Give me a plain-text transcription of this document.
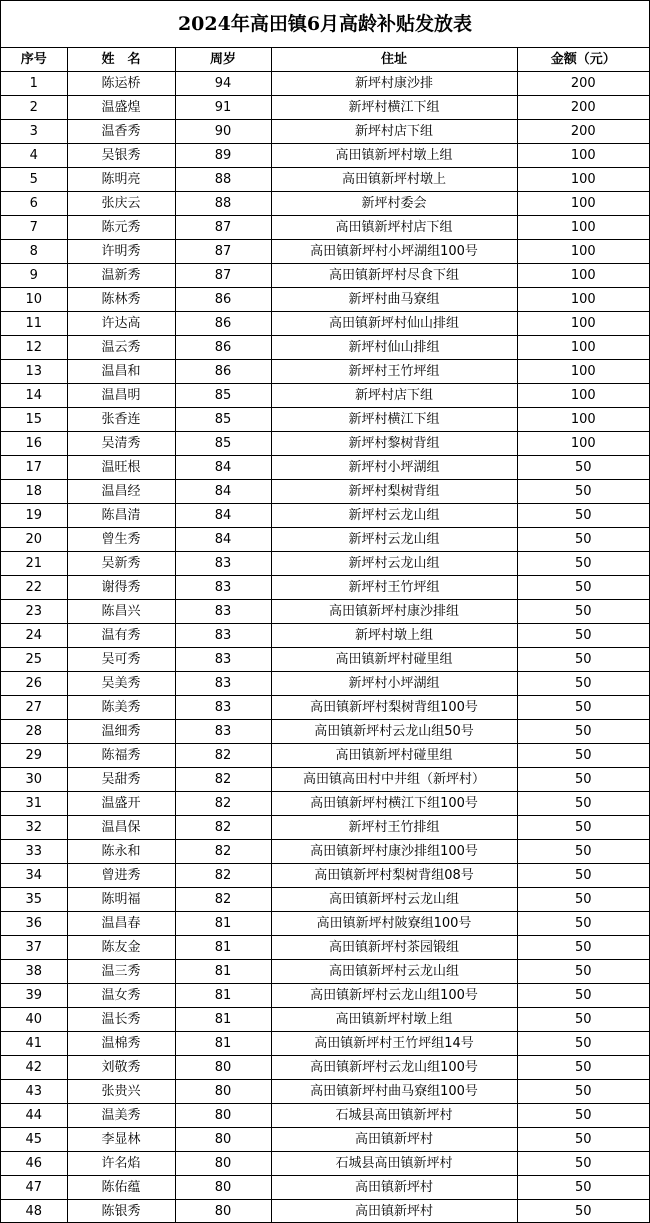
2024年高田镇6月高龄补贴发放表
序号	姓　名	周岁	住址	金额（元）
1	陈运桥	94	新坪村康沙排	200
2	温盛煌	91	新坪村横江下组	200
3	温香秀	90	新坪村店下组	200
4	吴银秀	89	高田镇新坪村墩上组	100
5	陈明亮	88	高田镇新坪村墩上	100
6	张庆云	88	新坪村委会	100
7	陈元秀	87	高田镇新坪村店下组	100
8	许明秀	87	高田镇新坪村小坪湖组100号	100
9	温新秀	87	高田镇新坪村尽食下组	100
10	陈林秀	86	新坪村曲马寮组	100
11	许达高	86	高田镇新坪村仙山排组	100
12	温云秀	86	新坪村仙山排组	100
13	温昌和	86	新坪村王竹坪组	100
14	温昌明	85	新坪村店下组	100
15	张香连	85	新坪村横江下组	100
16	吴清秀	85	新坪村黎树背组	100
17	温旺根	84	新坪村小坪湖组	50
18	温昌经	84	新坪村梨树背组	50
19	陈昌清	84	新坪村云龙山组	50
20	曾生秀	84	新坪村云龙山组	50
21	吴新秀	83	新坪村云龙山组	50
22	谢得秀	83	新坪村王竹坪组	50
23	陈昌兴	83	高田镇新坪村康沙排组	50
24	温有秀	83	新坪村墩上组	50
25	吴可秀	83	高田镇新坪村碰里组	50
26	吴美秀	83	新坪村小坪湖组	50
27	陈美秀	83	高田镇新坪村梨树背组100号	50
28	温细秀	83	高田镇新坪村云龙山组50号	50
29	陈福秀	82	高田镇新坪村碰里组	50
30	吴甜秀	82	高田镇高田村中井组（新坪村）	50
31	温盛开	82	高田镇新坪村横江下组100号	50
32	温昌保	82	新坪村王竹排组	50
33	陈永和	82	高田镇新坪村康沙排组100号	50
34	曾进秀	82	高田镇新坪村梨树背组08号	50
35	陈明福	82	高田镇新坪村云龙山组	50
36	温昌春	81	高田镇新坪村陂寮组100号	50
37	陈友金	81	高田镇新坪村茶园锻组	50
38	温三秀	81	高田镇新坪村云龙山组	50
39	温女秀	81	高田镇新坪村云龙山组100号	50
40	温长秀	81	高田镇新坪村墩上组	50
41	温棉秀	81	高田镇新坪村王竹坪组14号	50
42	刘敬秀	80	高田镇新坪村云龙山组100号	50
43	张贵兴	80	高田镇新坪村曲马寮组100号	50
44	温美秀	80	石城县高田镇新坪村	50
45	李显林	80	高田镇新坪村	50
46	许名焰	80	石城县高田镇新坪村	50
47	陈佑蕴	80	高田镇新坪村	50
48	陈银秀	80	高田镇新坪村	50
